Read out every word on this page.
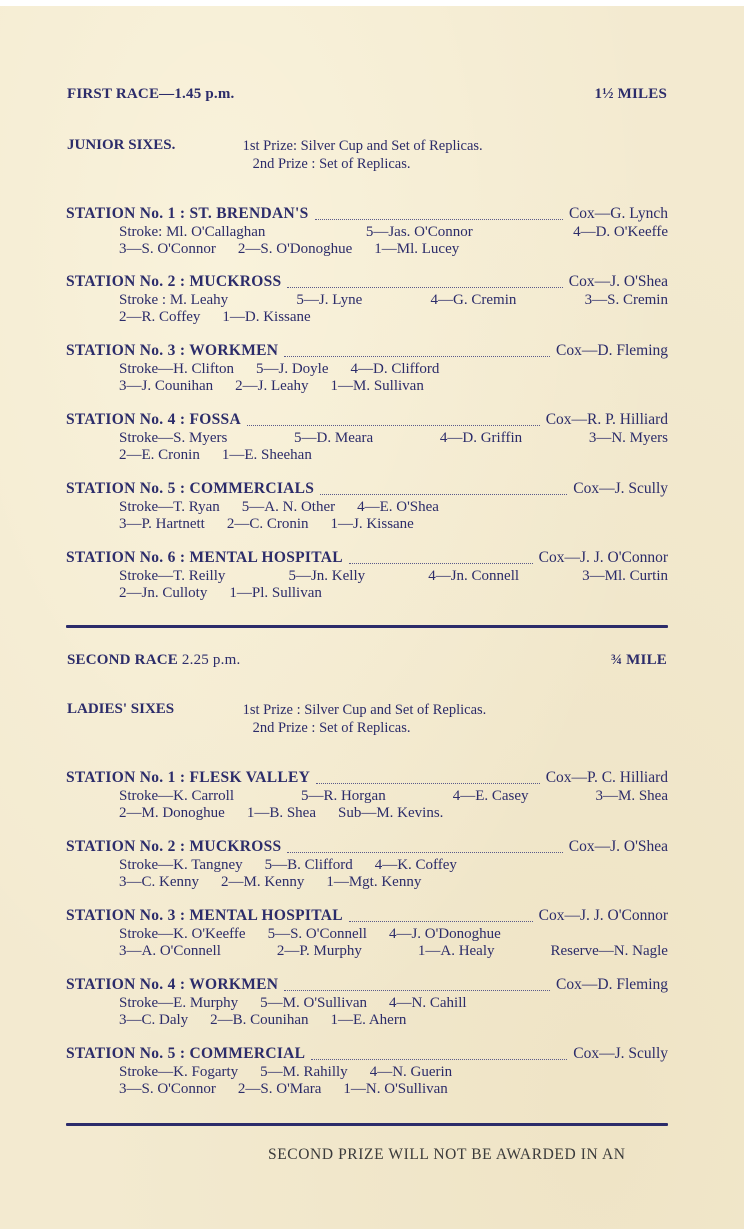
FIRST RACE—1.45 p.m.	1½ MILES
JUNIOR SIXES.	1st Prize: Silver Cup and Set of Replicas.
2nd Prize : Set of Replicas.
STATION No. 1 : ST. BRENDAN'S	Cox—G. Lynch
Stroke: Ml. O'Callaghan	5—Jas. O'Connor	4—D. O'Keeffe
3—S. O'Connor 2—S. O'Donoghue 1—Ml. Lucey
STATION No. 2 : MUCKROSS	Cox—J. O'Shea
Stroke : M. Leahy	5—J. Lyne	4—G. Cremin	3—S. Cremin
2—R. Coffey 1—D. Kissane
STATION No. 3 : WORKMEN	Cox—D. Fleming
Stroke—H. Clifton 5—J. Doyle 4—D. Clifford
3—J. Counihan 2—J. Leahy 1—M. Sullivan
STATION No. 4 : FOSSA	Cox—R. P. Hilliard
Stroke—S. Myers	5—D. Meara	4—D. Griffin	3—N. Myers
2—E. Cronin 1—E. Sheehan
STATION No. 5 : COMMERCIALS	Cox—J. Scully
Stroke—T. Ryan 5—A. N. Other 4—E. O'Shea
3—P. Hartnett 2—C. Cronin 1—J. Kissane
STATION No. 6 : MENTAL HOSPITAL	Cox—J. J. O'Connor
Stroke—T. Reilly	5—Jn. Kelly	4—Jn. Connell	3—Ml. Curtin
2—Jn. Culloty 1—Pl. Sullivan
SECOND RACE 2.25 p.m.	¾ MILE
LADIES' SIXES	1st Prize : Silver Cup and Set of Replicas.
2nd Prize : Set of Replicas.
STATION No. 1 : FLESK VALLEY	Cox—P. C. Hilliard
Stroke—K. Carroll	5—R. Horgan	4—E. Casey	3—M. Shea
2—M. Donoghue 1—B. Shea Sub—M. Kevins.
STATION No. 2 : MUCKROSS	Cox—J. O'Shea
Stroke—K. Tangney 5—B. Clifford 4—K. Coffey
3—C. Kenny 2—M. Kenny 1—Mgt. Kenny
STATION No. 3 : MENTAL HOSPITAL	Cox—J. J. O'Connor
Stroke—K. O'Keeffe 5—S. O'Connell 4—J. O'Donoghue
3—A. O'Connell	2—P. Murphy	1—A. Healy	Reserve—N. Nagle
STATION No. 4 : WORKMEN	Cox—D. Fleming
Stroke—E. Murphy 5—M. O'Sullivan 4—N. Cahill
3—C. Daly 2—B. Counihan 1—E. Ahern
STATION No. 5 : COMMERCIAL	Cox—J. Scully
Stroke—K. Fogarty 5—M. Rahilly 4—N. Guerin
3—S. O'Connor 2—S. O'Mara 1—N. O'Sullivan
SECOND PRIZE WILL NOT BE AWARDED IN AN
